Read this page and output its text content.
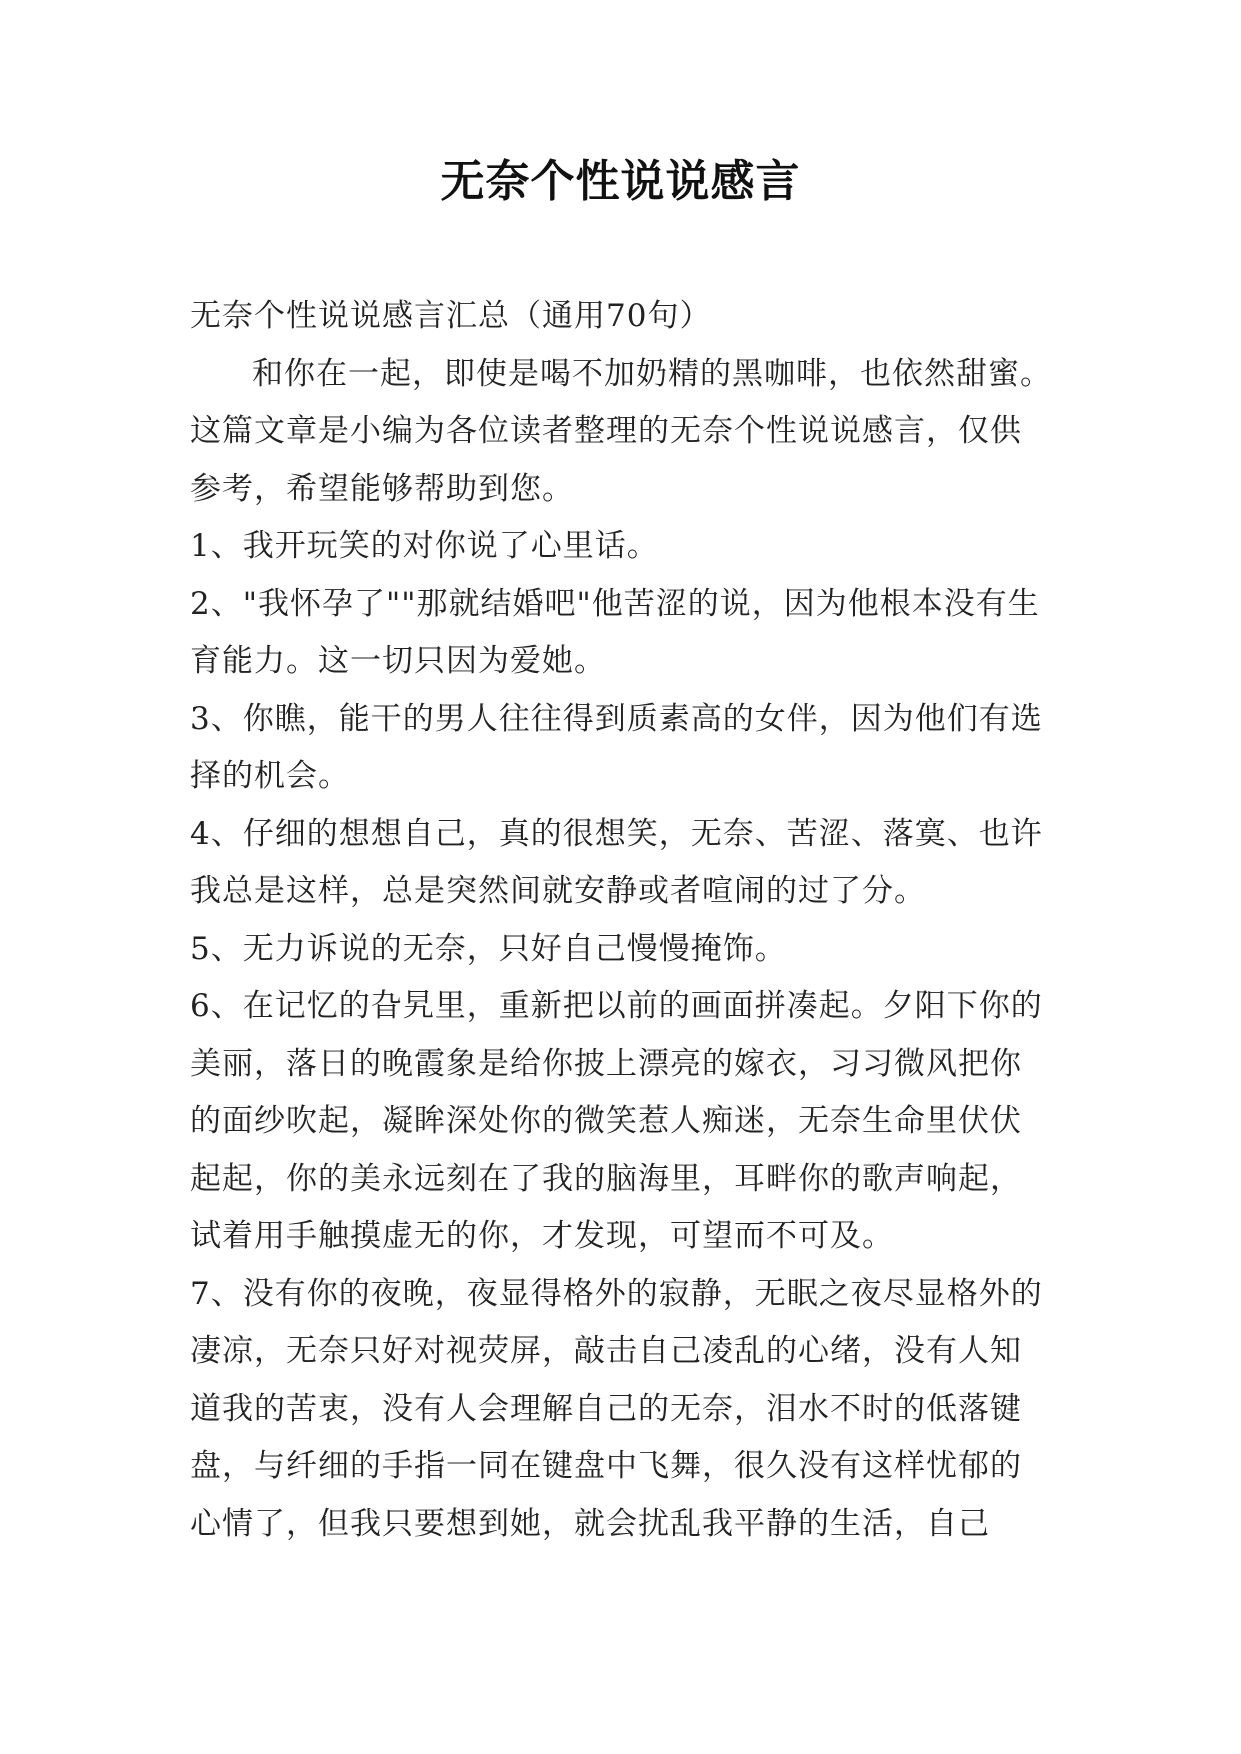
无奈个性说说感言

无奈个性说说感言汇总（通用70句）

和你在一起，即使是喝不加奶精的黑咖啡，也依然甜蜜。这篇文章是小编为各位读者整理的无奈个性说说感言，仅供参考，希望能够帮助到您。

1、我开玩笑的对你说了心里话。

2、"我怀孕了""那就结婚吧"他苦涩的说，因为他根本没有生育能力。这一切只因为爱她。

3、你瞧，能干的男人往往得到质素高的女伴，因为他们有选择的机会。

4、仔细的想想自己，真的很想笑，无奈、苦涩、落寞、也许我总是这样，总是突然间就安静或者喧闹的过了分。

5、无力诉说的无奈，只好自己慢慢掩饰。

6、在记忆的旮旯里，重新把以前的画面拼凑起。夕阳下你的美丽，落日的晚霞象是给你披上漂亮的嫁衣，习习微风把你的面纱吹起，凝眸深处你的微笑惹人痴迷，无奈生命里伏伏起起，你的美永远刻在了我的脑海里，耳畔你的歌声响起，试着用手触摸虚无的你，才发现，可望而不可及。

7、没有你的夜晚，夜显得格外的寂静，无眠之夜尽显格外的凄凉，无奈只好对视荧屏，敲击自己凌乱的心绪，没有人知道我的苦衷，没有人会理解自己的无奈，泪水不时的低落键盘，与纤细的手指一同在键盘中飞舞，很久没有这样忧郁的心情了，但我只要想到她，就会扰乱我平静的生活，自己
